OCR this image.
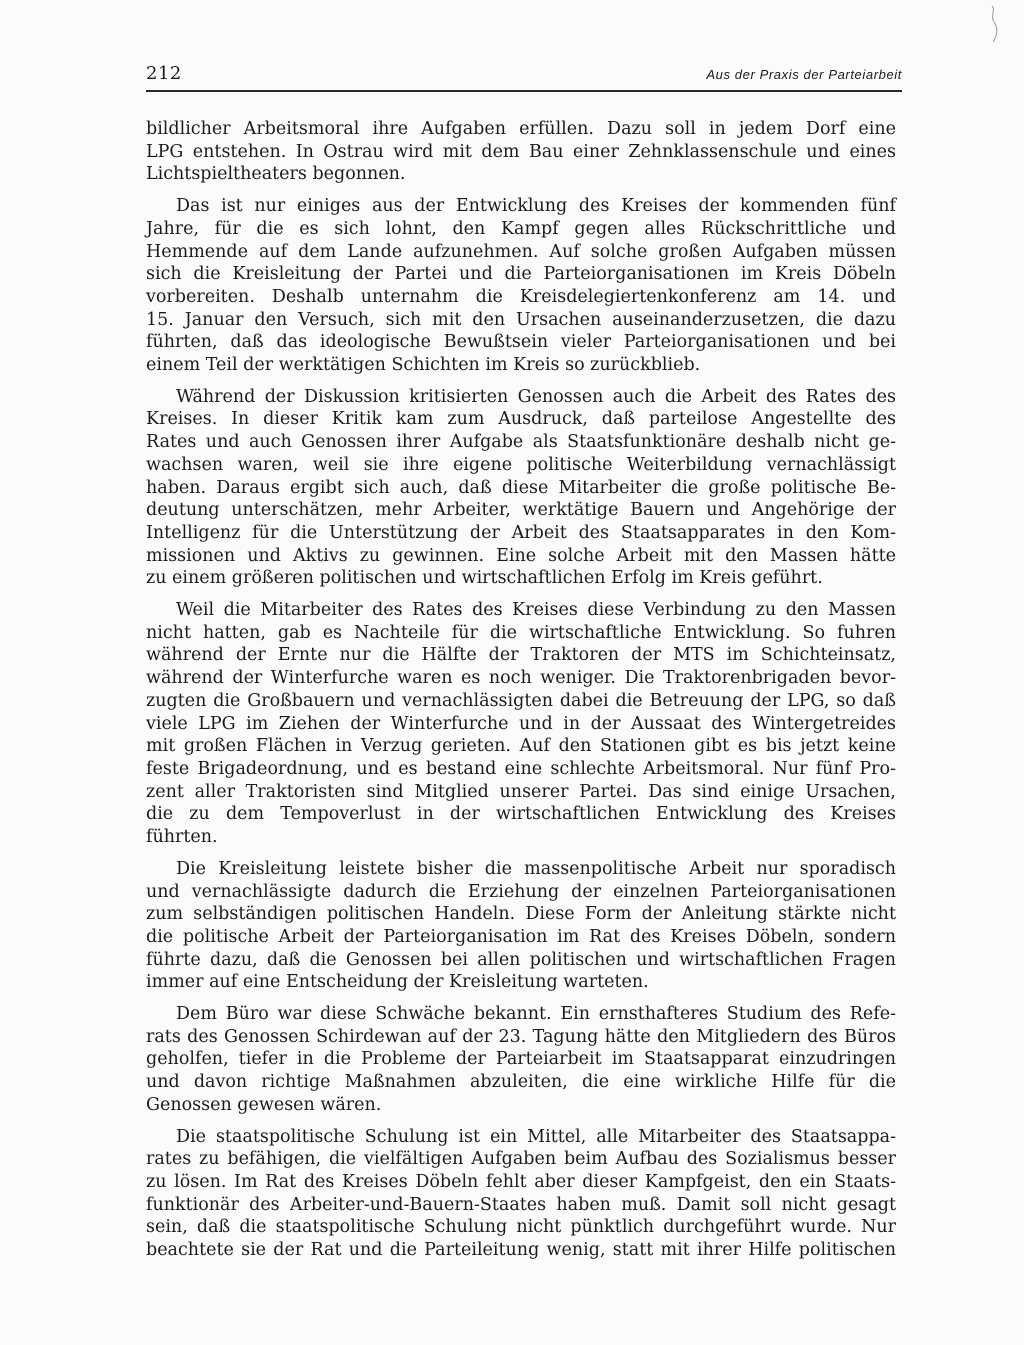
212	Aus der Praxis der Parteiarbeit
bildlicher Arbeitsmoral ihre Aufgaben erfüllen. Dazu soll in jedem Dorf eine
LPG entstehen. In Ostrau wird mit dem Bau einer Zehnklassenschule und eines
Lichtspieltheaters begonnen.
Das ist nur einiges aus der Entwicklung des Kreises der kommenden fünf
Jahre, für die es sich lohnt, den Kampf gegen alles Rückschrittliche und
Hemmende auf dem Lande aufzunehmen. Auf solche großen Aufgaben müssen
sich die Kreisleitung der Partei und die Parteiorganisationen im Kreis Döbeln
vorbereiten. Deshalb unternahm die Kreisdelegiertenkonferenz am 14. und
15. Januar den Versuch, sich mit den Ursachen auseinanderzusetzen, die dazu
führten, daß das ideologische Bewußtsein vieler Parteiorganisationen und bei
einem Teil der werktätigen Schichten im Kreis so zurückblieb.
Während der Diskussion kritisierten Genossen auch die Arbeit des Rates des
Kreises. In dieser Kritik kam zum Ausdruck, daß parteilose Angestellte des
Rates und auch Genossen ihrer Aufgabe als Staatsfunktionäre deshalb nicht ge-
wachsen waren, weil sie ihre eigene politische Weiterbildung vernachlässigt
haben. Daraus ergibt sich auch, daß diese Mitarbeiter die große politische Be-
deutung unterschätzen, mehr Arbeiter, werktätige Bauern und Angehörige der
Intelligenz für die Unterstützung der Arbeit des Staatsapparates in den Kom-
missionen und Aktivs zu gewinnen. Eine solche Arbeit mit den Massen hätte
zu einem größeren politischen und wirtschaftlichen Erfolg im Kreis geführt.
Weil die Mitarbeiter des Rates des Kreises diese Verbindung zu den Massen
nicht hatten, gab es Nachteile für die wirtschaftliche Entwicklung. So fuhren
während der Ernte nur die Hälfte der Traktoren der MTS im Schichteinsatz,
während der Winterfurche waren es noch weniger. Die Traktorenbrigaden bevor-
zugten die Großbauern und vernachlässigten dabei die Betreuung der LPG, so daß
viele LPG im Ziehen der Winterfurche und in der Aussaat des Wintergetreides
mit großen Flächen in Verzug gerieten. Auf den Stationen gibt es bis jetzt keine
feste Brigadeordnung, und es bestand eine schlechte Arbeitsmoral. Nur fünf Pro-
zent aller Traktoristen sind Mitglied unserer Partei. Das sind einige Ursachen,
die zu dem Tempoverlust in der wirtschaftlichen Entwicklung des Kreises
führten.
Die Kreisleitung leistete bisher die massenpolitische Arbeit nur sporadisch
und vernachlässigte dadurch die Erziehung der einzelnen Parteiorganisationen
zum selbständigen politischen Handeln. Diese Form der Anleitung stärkte nicht
die politische Arbeit der Parteiorganisation im Rat des Kreises Döbeln, sondern
führte dazu, daß die Genossen bei allen politischen und wirtschaftlichen Fragen
immer auf eine Entscheidung der Kreisleitung warteten.
Dem Büro war diese Schwäche bekannt. Ein ernsthafteres Studium des Refe-
rats des Genossen Schirdewan auf der 23. Tagung hätte den Mitgliedern des Büros
geholfen, tiefer in die Probleme der Parteiarbeit im Staatsapparat einzudringen
und davon richtige Maßnahmen abzuleiten, die eine wirkliche Hilfe für die
Genossen gewesen wären.
Die staatspolitische Schulung ist ein Mittel, alle Mitarbeiter des Staatsappa-
rates zu befähigen, die vielfältigen Aufgaben beim Aufbau des Sozialismus besser
zu lösen. Im Rat des Kreises Döbeln fehlt aber dieser Kampfgeist, den ein Staats-
funktionär des Arbeiter-und-Bauern-Staates haben muß. Damit soll nicht gesagt
sein, daß die staatspolitische Schulung nicht pünktlich durchgeführt wurde. Nur
beachtete sie der Rat und die Parteileitung wenig, statt mit ihrer Hilfe politischen
